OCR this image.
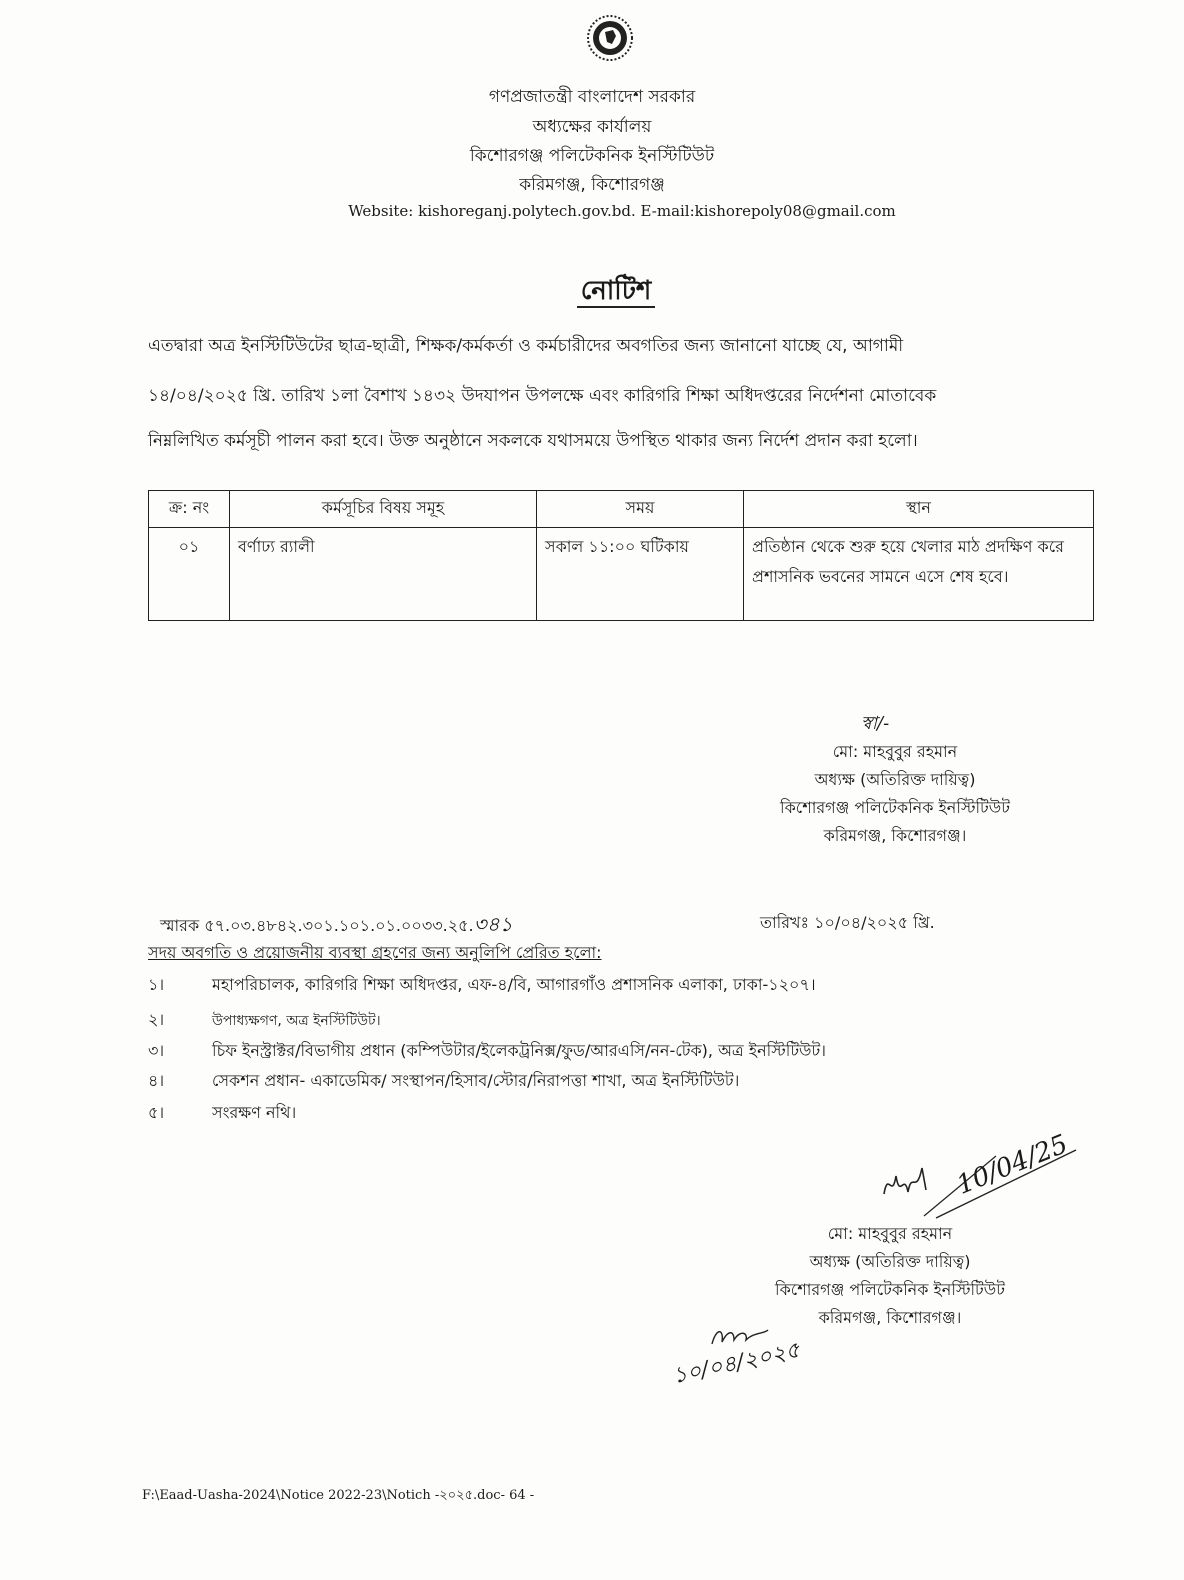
গণপ্রজাতন্ত্রী বাংলাদেশ সরকার
অধ্যক্ষের কার্যালয়
কিশোরগঞ্জ পলিটেকনিক ইনস্টিটিউট
করিমগঞ্জ, কিশোরগঞ্জ
Website: kishoreganj.polytech.gov.bd. E-mail:kishorepoly08@gmail.com
নোটিশ
এতদ্বারা অত্র ইনস্টিটিউটের ছাত্র-ছাত্রী, শিক্ষক/কর্মকর্তা ও কর্মচারীদের অবগতির জন্য জানানো যাচ্ছে যে, আগামী
১৪/০৪/২০২৫ খ্রি. তারিখ ১লা বৈশাখ ১৪৩২ উদযাপন উপলক্ষে এবং কারিগরি শিক্ষা অধিদপ্তরের নির্দেশনা মোতাবেক
নিম্নলিখিত কর্মসূচী পালন করা হবে। উক্ত অনুষ্ঠানে সকলকে যথাসময়ে উপস্থিত থাকার জন্য নির্দেশ প্রদান করা হলো।
ক্র: নং	কর্মসূচির বিষয় সমূহ	সময়	স্থান
০১	বর্ণাঢ্য র‍্যালী	সকাল ১১:০০ ঘটিকায়	প্রতিষ্ঠান থেকে শুরু হয়ে খেলার মাঠ প্রদক্ষিণ করে প্রশাসনিক ভবনের সামনে এসে শেষ হবে।
স্বা/-
মো: মাহবুবুর রহমান
অধ্যক্ষ (অতিরিক্ত দায়িত্ব)
কিশোরগঞ্জ পলিটেকনিক ইনস্টিটিউট
করিমগঞ্জ, কিশোরগঞ্জ।
স্মারক ৫৭.০৩.৪৮৪২.৩০১.১০১.০১.০০৩৩.২৫.৩৪১	তারিখঃ ১০/০৪/২০২৫ খ্রি.
সদয় অবগতি ও প্রয়োজনীয় ব্যবস্থা গ্রহণের জন্য অনুলিপি প্রেরিত হলো:
১।	মহাপরিচালক, কারিগরি শিক্ষা অধিদপ্তর, এফ-৪/বি, আগারগাঁও প্রশাসনিক এলাকা, ঢাকা-১২০৭।
২।	উপাধ্যক্ষগণ, অত্র ইনস্টিটিউট।
৩।	চিফ ইনস্ট্রাক্টর/বিভাগীয় প্রধান (কম্পিউটার/ইলেকট্রনিক্স/ফুড/আরএসি/নন-টেক), অত্র ইনস্টিটিউট।
৪।	সেকশন প্রধান- একাডেমিক/ সংস্থাপন/হিসাব/স্টোর/নিরাপত্তা শাখা, অত্র ইনস্টিটিউট।
৫।	সংরক্ষণ নথি।
10/04/25
মো: মাহবুবুর রহমান
অধ্যক্ষ (অতিরিক্ত দায়িত্ব)
কিশোরগঞ্জ পলিটেকনিক ইনস্টিটিউট
করিমগঞ্জ, কিশোরগঞ্জ।
১০/০৪/২০২৫
F:\Eaad-Uasha-2024\Notice 2022-23\Notich -২০২৫.doc- 64 -
